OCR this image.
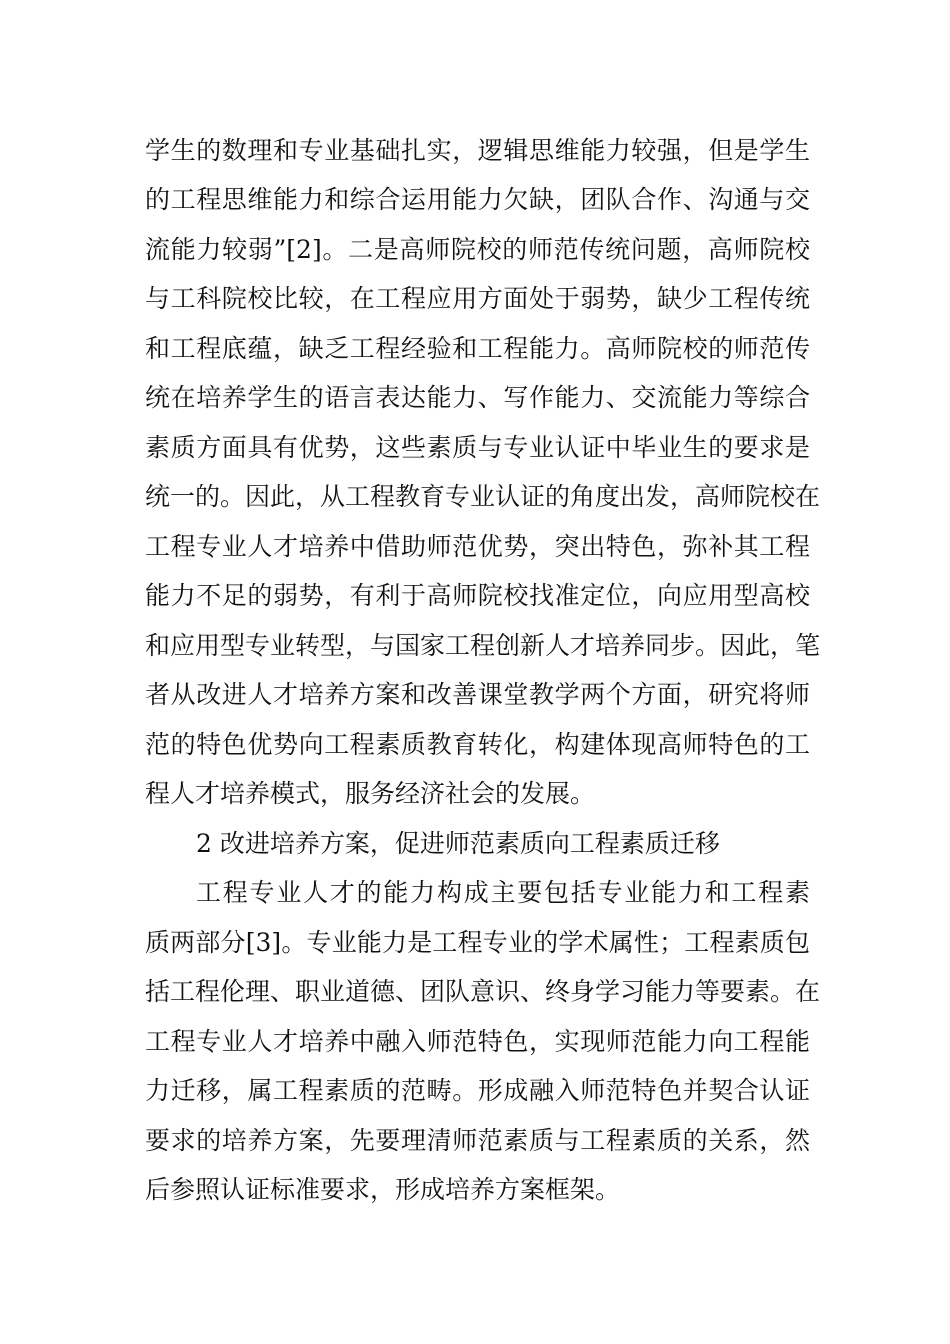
学生的数理和专业基础扎实，逻辑思维能力较强，但是学生

的工程思维能力和综合运用能力欠缺，团队合作、沟通与交

流能力较弱”[2]。二是高师院校的师范传统问题，高师院校

与工科院校比较，在工程应用方面处于弱势，缺少工程传统

和工程底蕴，缺乏工程经验和工程能力。高师院校的师范传

统在培养学生的语言表达能力、写作能力、交流能力等综合

素质方面具有优势，这些素质与专业认证中毕业生的要求是

统一的。因此，从工程教育专业认证的角度出发，高师院校在

工程专业人才培养中借助师范优势，突出特色，弥补其工程

能力不足的弱势，有利于高师院校找准定位，向应用型高校

和应用型专业转型，与国家工程创新人才培养同步。因此，笔

者从改进人才培养方案和改善课堂教学两个方面，研究将师

范的特色优势向工程素质教育转化，构建体现高师特色的工

程人才培养模式，服务经济社会的发展。

2 改进培养方案，促进师范素质向工程素质迁移

工程专业人才的能力构成主要包括专业能力和工程素

质两部分[3]。专业能力是工程专业的学术属性；工程素质包

括工程伦理、职业道德、团队意识、终身学习能力等要素。在

工程专业人才培养中融入师范特色，实现师范能力向工程能

力迁移，属工程素质的范畴。形成融入师范特色并契合认证

要求的培养方案，先要理清师范素质与工程素质的关系，然

后参照认证标准要求，形成培养方案框架。
